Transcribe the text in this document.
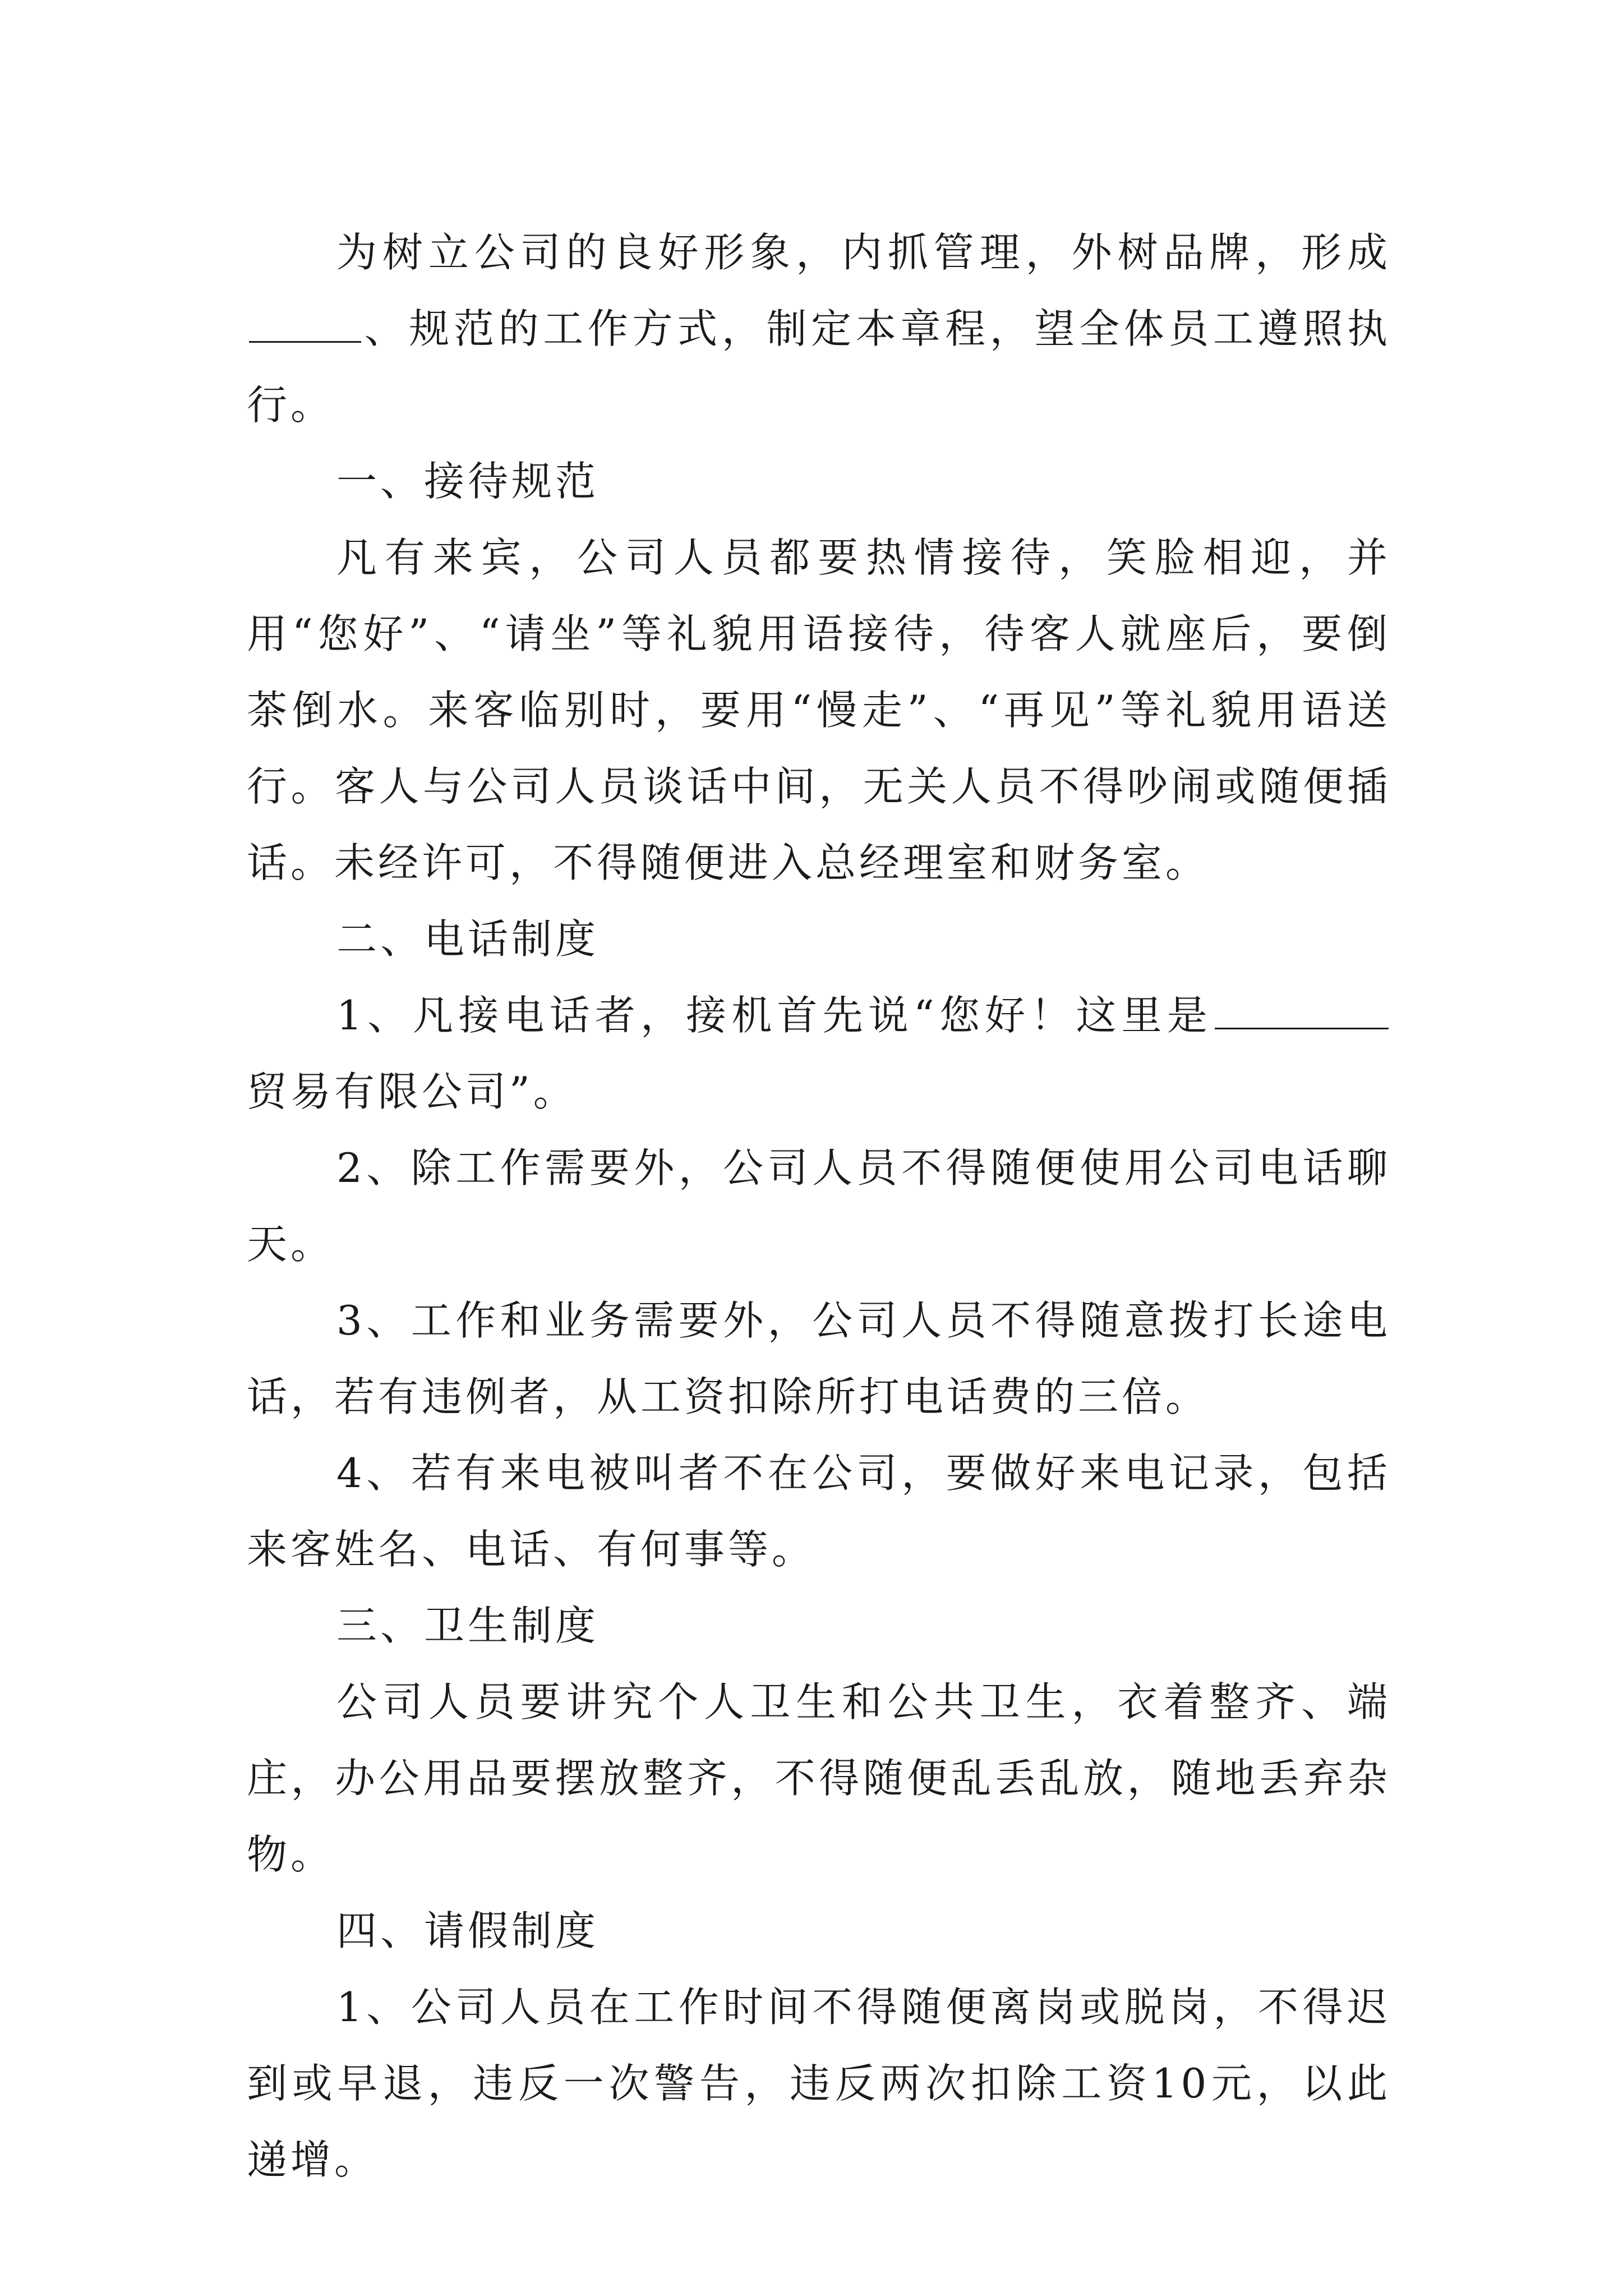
为树立公司的良好形象，内抓管理，外树品牌，形成、规范的工作方式，制定本章程，望全体员工遵照执行。

一、接待规范

凡有来宾，公司人员都要热情接待，笑脸相迎，并用“您好”、“请坐”等礼貌用语接待，待客人就座后，要倒茶倒水。来客临别时，要用“慢走”、“再见”等礼貌用语送行。客人与公司人员谈话中间，无关人员不得吵闹或随便插话。未经许可，不得随便进入总经理室和财务室。

二、电话制度

1、凡接电话者，接机首先说“您好！这里是贸易有限公司”。

2、除工作需要外，公司人员不得随便使用公司电话聊天。

3、工作和业务需要外，公司人员不得随意拨打长途电话，若有违例者，从工资扣除所打电话费的三倍。

4、若有来电被叫者不在公司，要做好来电记录，包括来客姓名、电话、有何事等。

三、卫生制度

公司人员要讲究个人卫生和公共卫生，衣着整齐、端庄，办公用品要摆放整齐，不得随便乱丢乱放，随地丢弃杂物。

四、请假制度

1、公司人员在工作时间不得随便离岗或脱岗，不得迟到或早退，违反一次警告，违反两次扣除工资10元，以此递增。
